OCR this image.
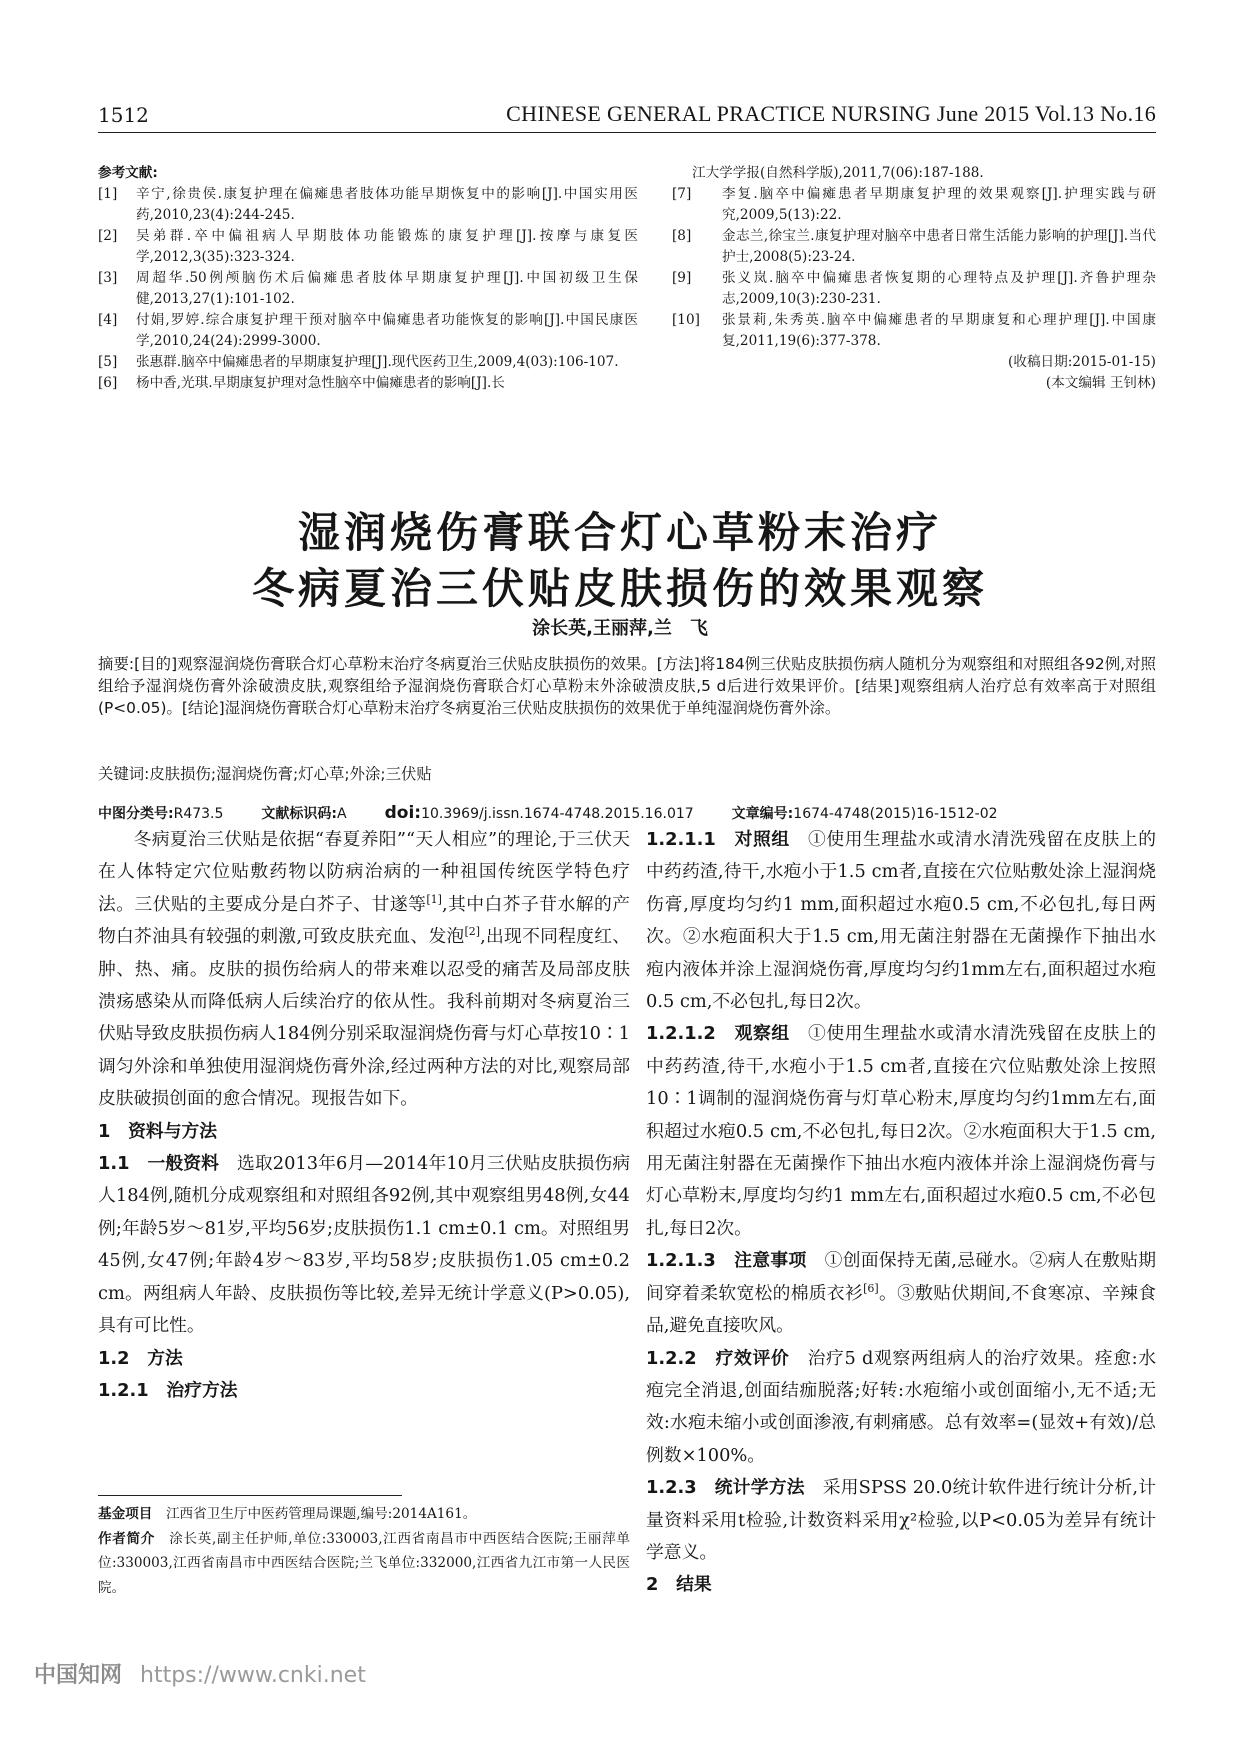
1512	CHINESE GENERAL PRACTICE NURSING June 2015 Vol.13 No.16
参考文献:
[1]	辛宁,徐贵侯.康复护理在偏瘫患者肢体功能早期恢复中的影响[J].中国实用医药,2010,23(4):244-245.
[2]	吴弟群.卒中偏祖病人早期肢体功能锻炼的康复护理[J].按摩与康复医学,2012,3(35):323-324.
[3]	周超华.50例颅脑伤术后偏瘫患者肢体早期康复护理[J].中国初级卫生保健,2013,27(1):101-102.
[4]	付娟,罗婷.综合康复护理干预对脑卒中偏瘫患者功能恢复的影响[J].中国民康医学,2010,24(24):2999-3000.
[5]	张惠群.脑卒中偏瘫患者的早期康复护理[J].现代医药卫生,2009,4(03):106-107.
[6]	杨中香,光琪.早期康复护理对急性脑卒中偏瘫患者的影响[J].长
江大学学报(自然科学版),2011,7(06):187-188.
[7]	李复.脑卒中偏瘫患者早期康复护理的效果观察[J].护理实践与研究,2009,5(13):22.
[8]	金志兰,徐宝兰.康复护理对脑卒中患者日常生活能力影响的护理[J].当代护士,2008(5):23-24.
[9]	张义岚.脑卒中偏瘫患者恢复期的心理特点及护理[J].齐鲁护理杂志,2009,10(3):230-231.
[10]	张景莉,朱秀英.脑卒中偏瘫患者的早期康复和心理护理[J].中国康复,2011,19(6):377-378.
(收稿日期:2015-01-15)
(本文编辑 王钊林)
湿润烧伤膏联合灯心草粉末治疗
冬病夏治三伏贴皮肤损伤的效果观察
涂长英,王丽萍,兰　飞
摘要:[目的]观察湿润烧伤膏联合灯心草粉末治疗冬病夏治三伏贴皮肤损伤的效果。[方法]将184例三伏贴皮肤损伤病人随机分为观察组和对照组各92例,对照组给予湿润烧伤膏外涂破溃皮肤,观察组给予湿润烧伤膏联合灯心草粉末外涂破溃皮肤,5 d后进行效果评价。[结果]观察组病人治疗总有效率高于对照组(P<0.05)。[结论]湿润烧伤膏联合灯心草粉末治疗冬病夏治三伏贴皮肤损伤的效果优于单纯湿润烧伤膏外涂。
关键词:皮肤损伤;湿润烧伤膏;灯心草;外涂;三伏贴
中图分类号:R473.5	文献标识码:A doi:10.3969/j.issn.1674-4748.2015.16.017	文章编号:1674-4748(2015)16-1512-02

冬病夏治三伏贴是依据“春夏养阳”“天人相应”的理论,于三伏天在人体特定穴位贴敷药物以防病治病的一种祖国传统医学特色疗法。三伏贴的主要成分是白芥子、甘遂等[1],其中白芥子苷水解的产物白芥油具有较强的刺激,可致皮肤充血、发泡[2],出现不同程度红、肿、热、痛。皮肤的损伤给病人的带来难以忍受的痛苦及局部皮肤溃疡感染从而降低病人后续治疗的依从性。我科前期对冬病夏治三伏贴导致皮肤损伤病人184例分别采取湿润烧伤膏与灯心草按10∶1调匀外涂和单独使用湿润烧伤膏外涂,经过两种方法的对比,观察局部皮肤破损创面的愈合情况。现报告如下。

1　资料与方法

1.1　一般资料　选取2013年6月—2014年10月三伏贴皮肤损伤病人184例,随机分成观察组和对照组各92例,其中观察组男48例,女44例;年龄5岁～81岁,平均56岁;皮肤损伤1.1 cm±0.1 cm。对照组男45例,女47例;年龄4岁～83岁,平均58岁;皮肤损伤1.05 cm±0.2 cm。两组病人年龄、皮肤损伤等比较,差异无统计学意义(P>0.05),具有可比性。

1.2　方法

1.2.1　治疗方法

1.2.1.1　对照组　①使用生理盐水或清水清洗残留在皮肤上的中药药渣,待干,水疱小于1.5 cm者,直接在穴位贴敷处涂上湿润烧伤膏,厚度均匀约1 mm,面积超过水疱0.5 cm,不必包扎,每日两次。②水疱面积大于1.5 cm,用无菌注射器在无菌操作下抽出水疱内液体并涂上湿润烧伤膏,厚度均匀约1mm左右,面积超过水疱0.5 cm,不必包扎,每日2次。

1.2.1.2　观察组　①使用生理盐水或清水清洗残留在皮肤上的中药药渣,待干,水疱小于1.5 cm者,直接在穴位贴敷处涂上按照10∶1调制的湿润烧伤膏与灯草心粉末,厚度均匀约1mm左右,面积超过水疱0.5 cm,不必包扎,每日2次。②水疱面积大于1.5 cm,用无菌注射器在无菌操作下抽出水疱内液体并涂上湿润烧伤膏与灯心草粉末,厚度均匀约1 mm左右,面积超过水疱0.5 cm,不必包扎,每日2次。

1.2.1.3　注意事项　①创面保持无菌,忌碰水。②病人在敷贴期间穿着柔软宽松的棉质衣衫[6]。③敷贴伏期间,不食寒凉、辛辣食品,避免直接吹风。

1.2.2　疗效评价　治疗5 d观察两组病人的治疗效果。痊愈:水疱完全消退,创面结痂脱落;好转:水疱缩小或创面缩小,无不适;无效:水疱未缩小或创面渗液,有刺痛感。总有效率=(显效+有效)/总例数×100%。

1.2.3　统计学方法　采用SPSS 20.0统计软件进行统计分析,计量资料采用t检验,计数资料采用χ²检验,以P<0.05为差异有统计学意义。

2　结果

基金项目　江西省卫生厅中医药管理局课题,编号:2014A161。
作者简介　涂长英,副主任护师,单位:330003,江西省南昌市中西医结合医院;王丽萍单位:330003,江西省南昌市中西医结合医院;兰飞单位:332000,江西省九江市第一人民医院。
中国知网 https://www.cnki.net
